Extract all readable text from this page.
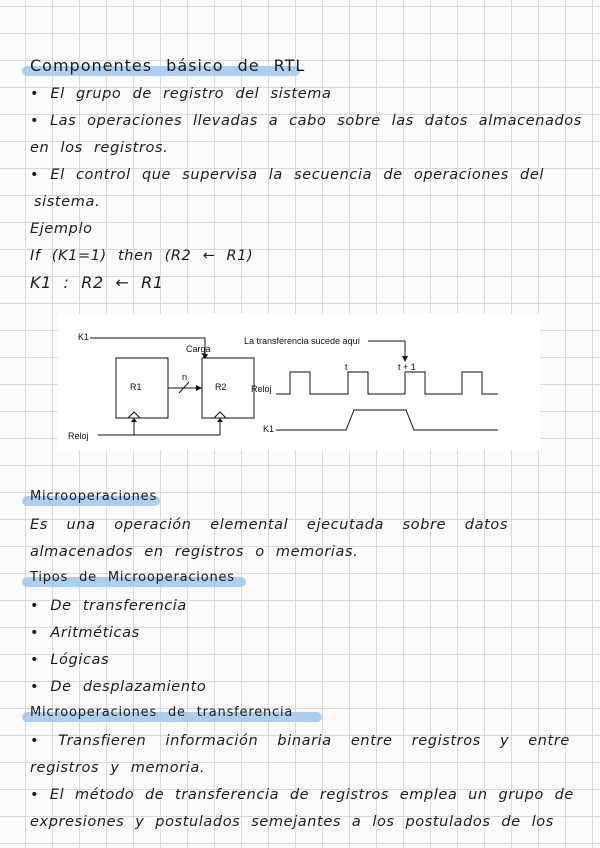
Componentes básico de RTL
• El grupo de registro del sistema
• Las operaciones llevadas a cabo sobre las datos almacenados
en los registros.
• El control que supervisa la secuencia de operaciones del
sistema.
Ejemplo
If (K1=1) then (R2 ← R1)
K1 : R2 ← R1
K1
Carga
R1	R2
n
Reloj
La transferencia sucede aquí
t	t + 1
Reloj
K1
Microoperaciones
Es una operación elemental ejecutada sobre datos
almacenados en registros o memorias.
Tipos de Microoperaciones
• De transferencia
• Aritméticas
• Lógicas
• De desplazamiento
Microoperaciones de transferencia
• Transfieren información binaria entre registros y entre
registros y memoria.
• El método de transferencia de registros emplea un grupo de
expresiones y postulados semejantes a los postulados de los
